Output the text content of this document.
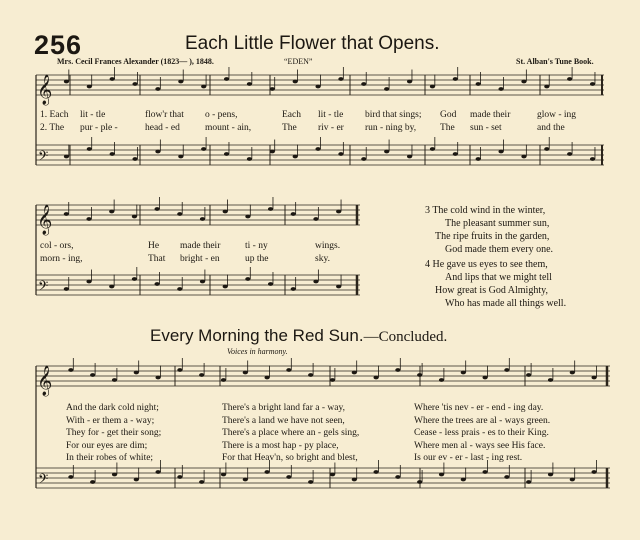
256	Each Little Flower that Opens.
Mrs. Cecil Frances Alexander (1823— ), 1848.	“EDEN”	St. Alban's Tune Book.
𝄞
𝄢
𝄞
𝄢
𝄞
𝄢
1. Each lit - tle	flow'r that o - pens,	Each lit - tle bird that sings; God made their	glow - ing
2. The pur - ple -	head - ed	mount - ain,	The riv - er run - ning by,	The sun - set	and the
col - ors,	He made their	ti - ny	wings.
morn - ing,	That bright - en	up the	sky.
3 The cold wind in the winter,
The pleasant summer sun,
The ripe fruits in the garden,
God made them every one.
4 He gave us eyes to see them,
And lips that we might tell
How great is God Almighty,
Who has made all things well.
Every Morning the Red Sun.—Concluded.
Voices in harmony.
And the dark cold night;	There's a bright land far a - way,	Where 'tis nev - er - end - ing day.
With - er them a - way;	There's a land we have not seen,	Where the trees are al - ways green.
They for - get their song;	There's a place where an - gels sing,	Cease - less prais - es to their King.
For our eyes are dim;	There is a most hap - py place,	Where men al - ways see His face.
In their robes of white;	For that Heav'n, so bright and blest,	Is our ev - er - last - ing rest.
